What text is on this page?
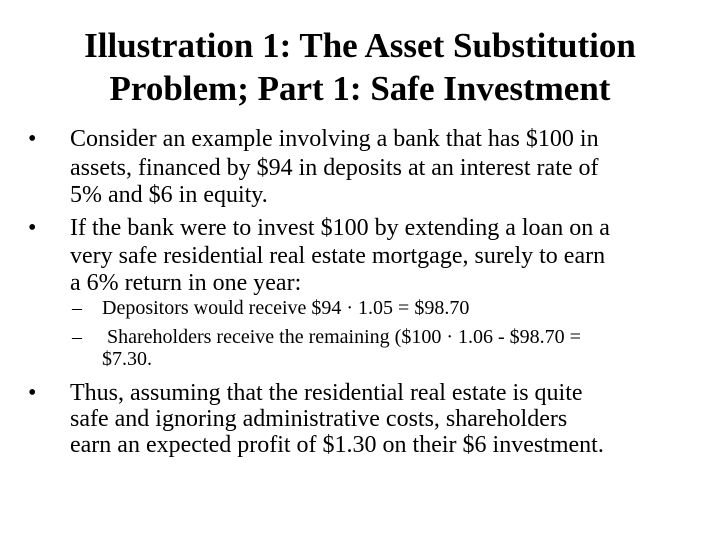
Illustration 1: The Asset Substitution
Problem; Part 1: Safe Investment
• Consider an example involving a bank that has $100 in
assets, financed by $94 in deposits at an interest rate of
5% and $6 in equity.
• If the bank were to invest $100 by extending a loan on a
very safe residential real estate mortgage, surely to earn
a 6% return in one year:
– Depositors would receive $94 · 1.05 = $98.70
– Shareholders receive the remaining ($100 · 1.06 - $98.70 =
$7.30.
• Thus, assuming that the residential real estate is quite
safe and ignoring administrative costs, shareholders
earn an expected profit of $1.30 on their $6 investment.
